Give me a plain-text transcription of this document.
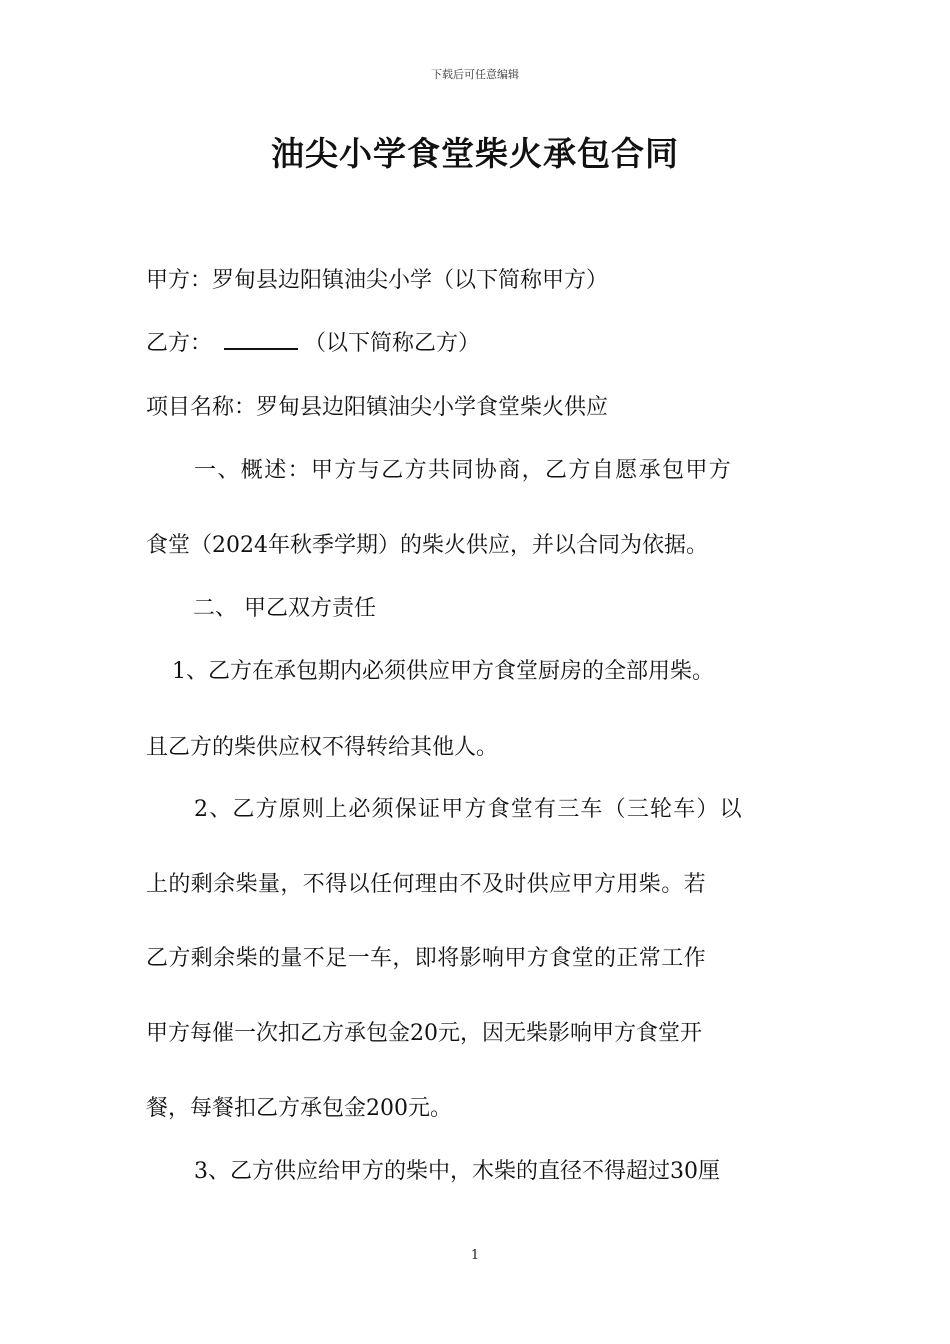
下载后可任意编辑
油尖小学食堂柴火承包合同
甲方：罗甸县边阳镇油尖小学（以下简称甲方）
乙方：	（以下简称乙方）
项目名称：罗甸县边阳镇油尖小学食堂柴火供应
一、概述：甲方与乙方共同协商，乙方自愿承包甲方
食堂（2024年秋季学期）的柴火供应，并以合同为依据。
二、 甲乙双方责任
1、乙方在承包期内必须供应甲方食堂厨房的全部用柴。
且乙方的柴供应权不得转给其他人。
2、乙方原则上必须保证甲方食堂有三车（三轮车）以
上的剩余柴量，不得以任何理由不及时供应甲方用柴。若
乙方剩余柴的量不足一车，即将影响甲方食堂的正常工作
甲方每催一次扣乙方承包金20元，因无柴影响甲方食堂开
餐，每餐扣乙方承包金200元。
3、乙方供应给甲方的柴中，木柴的直径不得超过30厘
1
